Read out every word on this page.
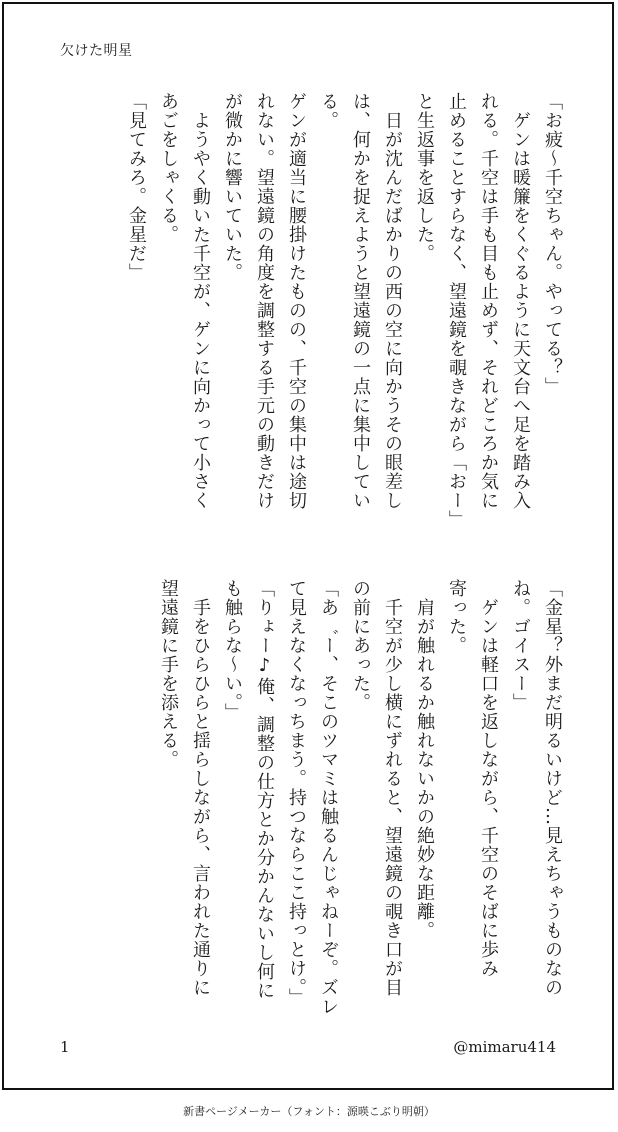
欠けた明星

「お疲〜千空ちゃん。やってる？」

　ゲンは暖簾をくぐるように天文台へ足を踏み入

れる。千空は手も目も止めず、それどころか気に

止めることすらなく、望遠鏡を覗きながら「おー」

と生返事を返した。

　日が沈んだばかりの西の空に向かうその眼差し

は、何かを捉えようと望遠鏡の一点に集中してい

る。

ゲンが適当に腰掛けたものの、千空の集中は途切

れない。望遠鏡の角度を調整する手元の動きだけ

が微かに響いていた。

　ようやく動いた千空が、ゲンに向かって小さく

あごをしゃくる。

「見てみろ。金星だ」

「金星？外まだ明るいけど…見えちゃうものなの

ね。ゴイスー」

　ゲンは軽口を返しながら、千空のそばに歩み

寄った。

　肩が触れるか触れないかの絶妙な距離。

　千空が少し横にずれると、望遠鏡の覗き口が目

の前にあった。

「あ゛ー、そこのツマミは触るんじゃねーぞ。ズレ

て見えなくなっちまう。持つならここ持っとけ。」

「りょー♪俺、調整の仕方とか分かんないし何に

も触らな〜い。」

　手をひらひらと揺らしながら、言われた通りに

望遠鏡に手を添える。

1	@mimaru414
新書ページメーカー（フォント：源暎こぶり明朝）
